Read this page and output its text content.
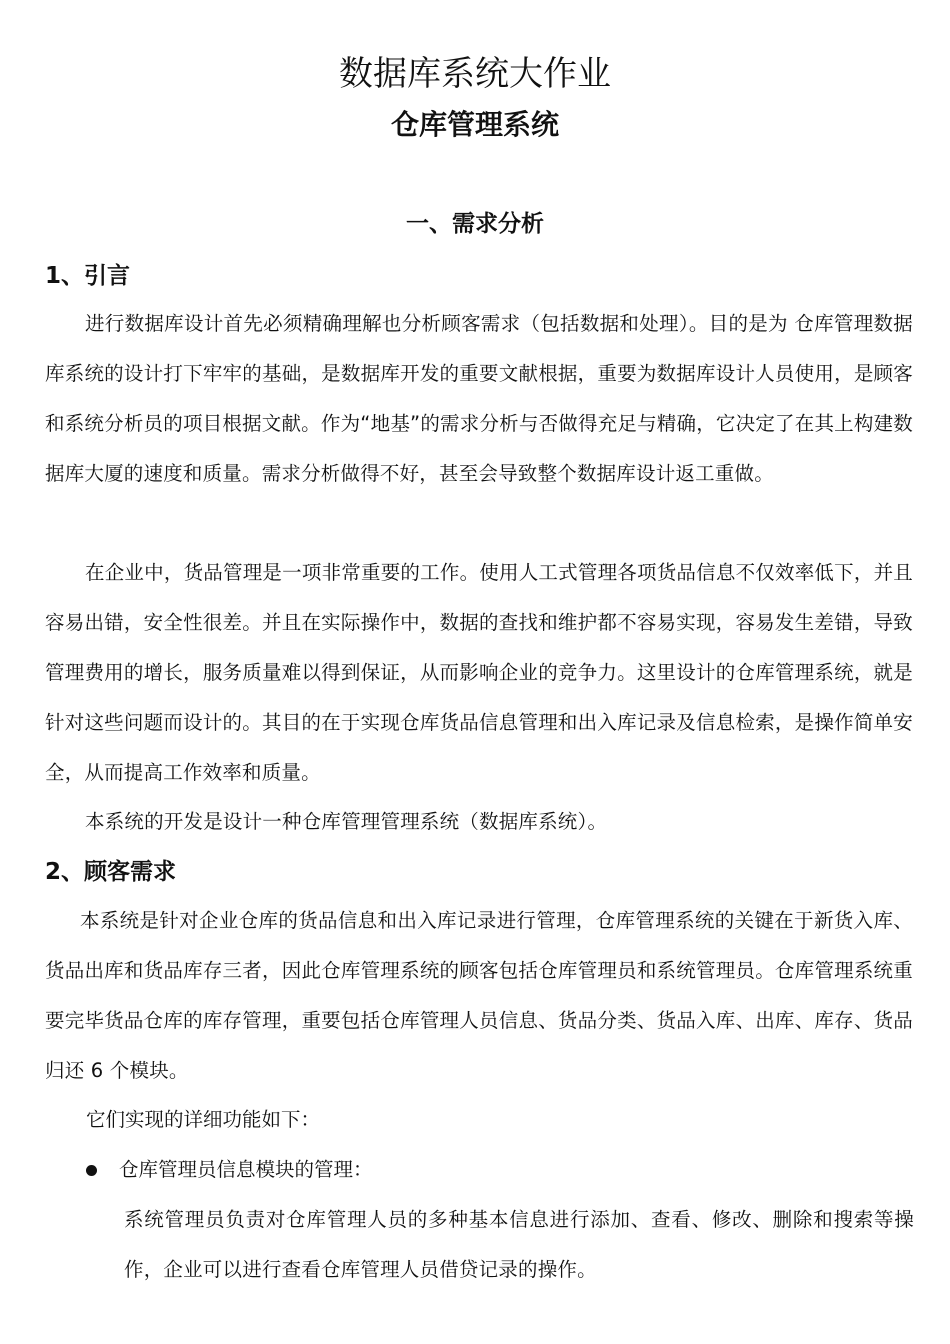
数据库系统大作业
仓库管理系统
一、需求分析
1、引言

进行数据库设计首先必须精确理解也分析顾客需求（包括数据和处理）。目的是为 仓库管理数据库系统的设计打下牢牢的基础，是数据库开发的重要文献根据，重要为数据库设计人员使用，是顾客和系统分析员的项目根据文献。作为“地基”的需求分析与否做得充足与精确，它决定了在其上构建数据库大厦的速度和质量。需求分析做得不好，甚至会导致整个数据库设计返工重做。

在企业中，货品管理是一项非常重要的工作。使用人工式管理各项货品信息不仅效率低下，并且容易出错，安全性很差。并且在实际操作中，数据的查找和维护都不容易实现，容易发生差错，导致管理费用的增长，服务质量难以得到保证，从而影响企业的竞争力。这里设计的仓库管理系统，就是针对这些问题而设计的。其目的在于实现仓库货品信息管理和出入库记录及信息检索，是操作简单安全，从而提高工作效率和质量。

本系统的开发是设计一种仓库管理管理系统（数据库系统）。

2、顾客需求

本系统是针对企业仓库的货品信息和出入库记录进行管理，仓库管理系统的关键在于新货入库、货品出库和货品库存三者，因此仓库管理系统的顾客包括仓库管理员和系统管理员。仓库管理系统重要完毕货品仓库的库存管理，重要包括仓库管理人员信息、货品分类、货品入库、出库、库存、货品归还 6 个模块。

它们实现的详细功能如下：

仓库管理员信息模块的管理：

系统管理员负责对仓库管理人员的多种基本信息进行添加、查看、修改、删除和搜索等操作，企业可以进行查看仓库管理人员借贷记录的操作。
